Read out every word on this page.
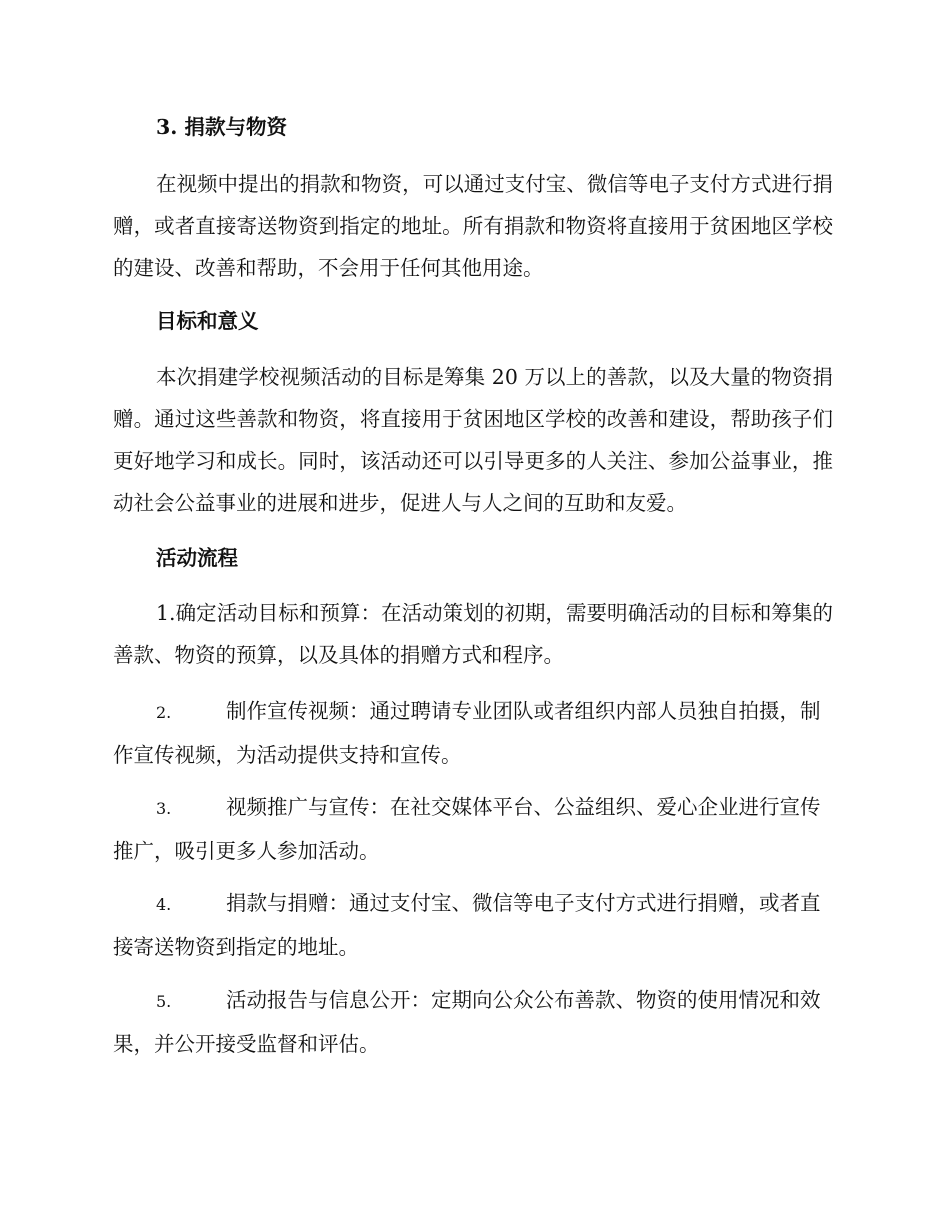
3. 捐款与物资

在视频中提出的捐款和物资，可以通过支付宝、微信等电子支付方式进行捐赠，或者直接寄送物资到指定的地址。所有捐款和物资将直接用于贫困地区学校的建设、改善和帮助，不会用于任何其他用途。

目标和意义

本次捐建学校视频活动的目标是筹集 20 万以上的善款，以及大量的物资捐赠。通过这些善款和物资，将直接用于贫困地区学校的改善和建设，帮助孩子们更好地学习和成长。同时，该活动还可以引导更多的人关注、参加公益事业，推动社会公益事业的进展和进步，促进人与人之间的互助和友爱。

活动流程

1.确定活动目标和预算：在活动策划的初期，需要明确活动的目标和筹集的善款、物资的预算，以及具体的捐赠方式和程序。

2.	制作宣传视频：通过聘请专业团队或者组织内部人员独自拍摄，制作宣传视频，为活动提供支持和宣传。

3.	视频推广与宣传：在社交媒体平台、公益组织、爱心企业进行宣传推广，吸引更多人参加活动。

4.	捐款与捐赠：通过支付宝、微信等电子支付方式进行捐赠，或者直接寄送物资到指定的地址。

5.	活动报告与信息公开：定期向公众公布善款、物资的使用情况和效果，并公开接受监督和评估。
